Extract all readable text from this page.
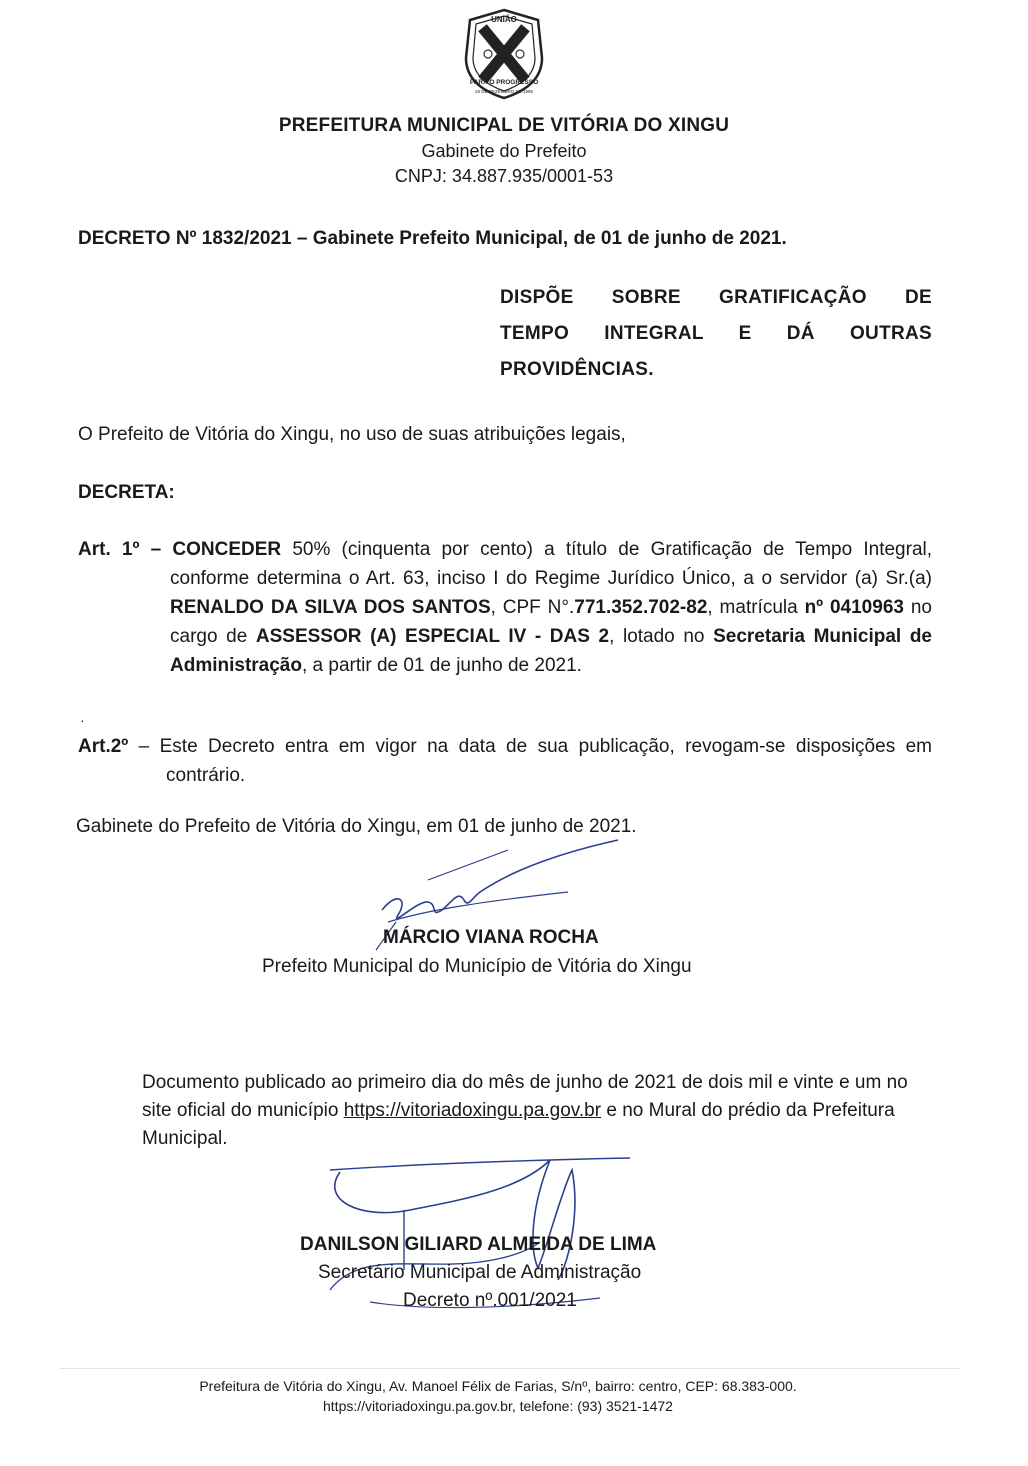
UNIÃO
PARA O PROGRESSO
28 DE DEZEMBRO DE 1995
PREFEITURA MUNICIPAL DE VITÓRIA DO XINGU
Gabinete do Prefeito
CNPJ: 34.887.935/0001-53
DECRETO Nº 1832/2021 – Gabinete Prefeito Municipal, de 01 de junho de 2021.
DISPÕE SOBRE GRATIFICAÇÃO DE
TEMPO INTEGRAL E DÁ OUTRAS
PROVIDÊNCIAS.
O Prefeito de Vitória do Xingu, no uso de suas atribuições legais,
DECRETA:
Art. 1º – CONCEDER 50% (cinquenta por cento) a título de Gratificação de Tempo Integral, conforme determina o Art. 63, inciso I do Regime Jurídico Único, a o servidor (a) Sr.(a) RENALDO DA SILVA DOS SANTOS, CPF N°.771.352.702-82, matrícula nº 0410963 no cargo de ASSESSOR (A) ESPECIAL IV - DAS 2, lotado no Secretaria Municipal de Administração, a partir de 01 de junho de 2021.
·
Art.2º – Este Decreto entra em vigor na data de sua publicação, revogam-se disposições em contrário.
Gabinete do Prefeito de Vitória do Xingu, em 01 de junho de 2021.
MÁRCIO VIANA ROCHA
Prefeito Municipal do Município de Vitória do Xingu
Documento publicado ao primeiro dia do mês de junho de 2021 de dois mil e vinte e um no site oficial do município https://vitoriadoxingu.pa.gov.br e no Mural do prédio da Prefeitura Municipal.
DANILSON GILIARD ALMEIDA DE LIMA
Secretário Municipal de Administração
Decreto nº.001/2021
Prefeitura de Vitória do Xingu, Av. Manoel Félix de Farias, S/nº, bairro: centro, CEP: 68.383-000.
https://vitoriadoxingu.pa.gov.br, telefone: (93) 3521-1472
